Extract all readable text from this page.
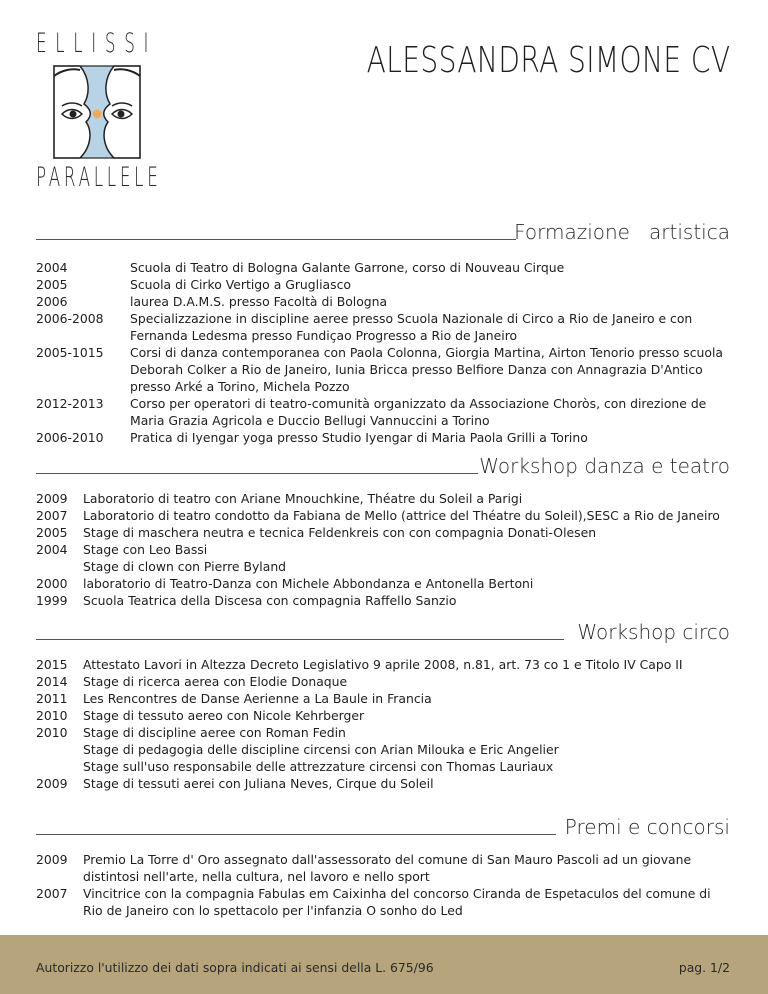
ELLISSI
PARALLELE
ALESSANDRA SIMONE CV
Formazione   artistica
2004	Scuola di Teatro di Bologna Galante Garrone, corso di Nouveau Cirque
2005	Scuola di Cirko Vertigo a Grugliasco
2006	laurea D.A.M.S. presso Facoltà di Bologna
2006-2008	Specializzazione in discipline aeree presso Scuola Nazionale di Circo a Rio de Janeiro e con Fernanda Ledesma presso Fundiçao Progresso a Rio de Janeiro
2005-1015	Corsi di danza contemporanea con Paola Colonna, Giorgia Martina, Airton Tenorio presso scuola Deborah Colker a Rio de Janeiro, Iunia Bricca presso Belfiore Danza con Annagrazia D'Antico presso Arké a Torino, Michela Pozzo
2012-2013	Corso per operatori di teatro-comunità organizzato da Associazione Choròs, con direzione de Maria Grazia Agricola e Duccio Bellugi Vannuccini a Torino
2006-2010	Pratica di Iyengar yoga presso Studio Iyengar di Maria Paola Grilli a Torino
Workshop danza e teatro
2009	Laboratorio di teatro con Ariane Mnouchkine, Théatre du Soleil a Parigi
2007	Laboratorio di teatro condotto da Fabiana de Mello (attrice del Théatre du Soleil),SESC a Rio de Janeiro
2005	Stage di maschera neutra e tecnica Feldenkreis con con compagnia Donati-Olesen
2004	Stage con Leo Bassi
Stage di clown con Pierre Byland
2000	laboratorio di Teatro-Danza con Michele Abbondanza e Antonella Bertoni
1999	Scuola Teatrica della Discesa con compagnia Raffello Sanzio
Workshop circo
2015	Attestato Lavori in Altezza Decreto Legislativo 9 aprile 2008, n.81, art. 73 co 1 e Titolo IV Capo II
2014	Stage di ricerca aerea con Elodie Donaque
2011	Les Rencontres de Danse Aerienne a La Baule in Francia
2010	Stage di tessuto aereo con Nicole Kehrberger
2010	Stage di discipline aeree con Roman Fedin
Stage di pedagogia delle discipline circensi con Arian Milouka e Eric Angelier
Stage sull'uso responsabile delle attrezzature circensi con Thomas Lauriaux
2009	Stage di tessuti aerei con Juliana Neves, Cirque du Soleil
Premi e concorsi
2009	Premio La Torre d' Oro assegnato dall'assessorato del comune di San Mauro Pascoli ad un giovane distintosi nell'arte, nella cultura, nel lavoro e nello sport
2007	Vincitrice con la compagnia Fabulas em Caixinha del concorso Ciranda de Espetaculos del comune di Rio de Janeiro con lo spettacolo per l'infanzia O sonho do Led
Autorizzo l'utilizzo dei dati sopra indicati ai sensi della L. 675/96	pag. 1/2
